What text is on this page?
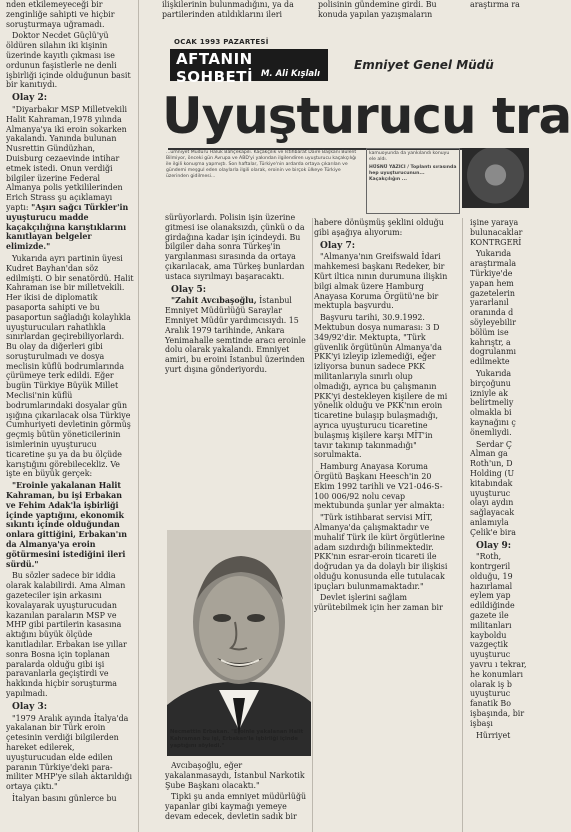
ilişkilerinin bulunmadığını, ya da partilerinden atıldıklarını ileri
polisinin gündemine girdi. Bu konuda yapılan yazışmaların
araştırma ra
OCAK 1993 PAZARTESİ
AFTANIN SOHBETİ M. Ali Kışlalı
Emniyet Genel Müdü
Uyuşturucu tra
...ümniyet Müdürü Haluk Bahçekapılı. Kaçakçılık ve İstihbarat Daire Başkanı Bülent Bilmiyor, önceki gün Avrupa ve ABD'yi yakından ilgilendiren uyuşturucu kaçakçılığı ile ilgili konuşma yapmıştı. Son haftalar, Türkiye'nin ardarda ortaya çıkarılan ve gündemi meşgul eden olaylarla ilgili olarak, eroinin ve birçok ülkeye Türkiye üzerinden gidilmesi...
kamuoyunda da yankılandı konuyu ele aldı.
HÜSNÜ YAZICI / Toplantı sırasında hep uyuşturucunun...
Kaçakçılığın ...

nden etkilemeyeceği bir zenginliğe sahipti ve hiçbir soruşturmaya uğramadı.

Doktor Necdet Güçlü'yü öldüren silahın iki kişinin üzerinde kayıtlı çıkması ise ordunun faşistlerle ne denli işbirliği içinde olduğunun basit bir kanıtıydı.

Olay 2:

"Diyarbakır MSP Milletvekili Halit Kahraman,1978 yılında Almanya'ya iki eroin sokarken yakalandı. Yanında bulunan Nusrettin Gündüzhan, Duisburg cezaevinde intihar etmek istedi. Onun verdiği bilgiler üzerine Federal Almanya polis yetkililerinden Erich Strass şu açıklamayı yaptı: "Aşırı sağcı Türkler'in uyuşturucu madde kaçakçılığına karıştıklarını kanıtlayan belgeler elimizde."

Yukarıda ayrı partinin üyesi Kudret Bayhan'dan söz edilmişti. O bir senatördü. Halit Kahraman ise bir milletvekili. Her ikisi de diplomatik pasaporta sahipti ve bu pasaportun sağladığı kolaylıkla uyuşturucuları rahatlıkla sınırlardan geçirebiliyorlardı. Bu olay da diğerleri gibi soruşturulmadı ve dosya meclisin küflü bodrumlarında çürümeye terk edildi. Eğer bugün Türkiye Büyük Millet Meclisi'nin küflü bodrumlarındaki dosyalar gün ışığına çıkarılacak olsa Türkiye Cumhuriyeti devletinin görmüş geçmiş bütün yöneticilerinin isimlerinin uyuşturucu ticaretine şu ya da bu ölçüde karıştığını görebilecekliz. Ve işte en büyük gerçek:

"Eroinle yakalanan Halit Kahraman, bu işi Erbakan ve Fehim Adak'la işbirliği içinde yaptığını, ekonomik sıkıntı içinde olduğundan onlara gittiğini, Erbakan'ın da Almanya'ya eroin götürmesini istediğini ileri sürdü."

Bu sözler sadece bir iddia olarak kalabilirdi. Ama Alman gazeteciler işin arkasını kovalayarak uyuşturucudan kazanılan paraların MSP ve MHP gibi partilerin kasasına aktığını büyük ölçüde kanıtladılar. Erbakan ise yıllar sonra Bosna için toplanan paralarda olduğu gibi işi paravanlarla geçiştirdi ve hakkında hiçbir soruşturma yapılmadı.

Olay 3:

"1979 Aralık ayında İtalya'da yakalanan bir Türk eroin çetesinin verdiği bilgilerden hareket edilerek, uyuşturucudan elde edilen paranın Türkiye'deki para-militer MHP'ye silah aktarıldığı ortaya çıktı."

İtalyan basını günlerce bu

sürüyorlardı. Polisin işin üzerine gitmesi ise olanaksızdı, çünkü o da girdağına kadar işin içindeydi. Bu bilgiler daha sonra Türkeş'in yargılanması sırasında da ortaya çıkarılacak, ama Türkeş bunlardan ustaca sıyrılmayı başaracaktı.

Olay 5:

"Zahit Avcıbaşoğlu, İstanbul Emniyet Müdürlüğü Saraylar Emniyet Müdür yardımcısıydı. 15 Aralık 1979 tarihinde, Ankara Yenimahalle semtinde aracı eroinle dolu olarak yakalandı. Emniyet amiri, bu eroini İstanbul üzerinden yurt dışına gönderiyordu.

Necmettin Erbakan. "Eroinle yakalanan Halit Kahraman bu işi, Erbakan'la işbirliği içinde yaptığını söyledi."

Avcıbaşoğlu, eğer yakalanmasaydı, İstanbul Narkotik Şube Başkanı olacaktı."

Tipki şu anda emniyet müdürlüğü yapanlar gibi kaymağı yemeye devam edecek, devletin sadık bir

habere dönüşmüş şeklini olduğu gibi aşağıya alıyorum:

Olay 7:

"Almanya'nın Greifswald İdari mahkemesi başkanı Redeker, bir Kürt iltica nının durumuna ilişkin bilgi almak üzere Hamburg Anayasa Koruma Örgütü'ne bir mektupla başvurdu.

Başvuru tarihi, 30.9.1992. Mektubun dosya numarası: 3 D 349/92'dir. Mektupta, "Türk güvenlik örgütünün Almanya'da PKK'yi izleyip izlemediği, eğer izliyorsa bunun sadece PKK militanlarıyla sınırlı olup olmadığı, ayrıca bu çalışmanın PKK'yi destekleyen kişilere de mi yönelik olduğu ve PKK'nın eroin ticaretine bulaşıp bulaşmadığı, ayrıca uyuşturucu ticaretine bulaşmış kişilere karşı MİT'in tavır takınıp takınmadığı" sorulmakta.

Hamburg Anayasa Koruma Örgütü Başkanı Heesch'in 20 Ekim 1992 tarihli ve V21-046-S-100 006/92 nolu cevap mektubunda şunlar yer almakta:

"Türk istihbarat servisi MİT, Almanya'da çalışmaktadır ve muhalif Türk ile kürt örgütlerine adam sızdırdığı bilinmektedir. PKK'nın esrar-eroin ticareti ile doğrudan ya da dolaylı bir ilişkisi olduğu konusunda elle tutulacak ipuçları bulunmamaktadır."

Devlet işlerini sağlam yürütebilmek için her zaman bir

işine yaraya bulunacaklar KONTRGERİ

Yukarıda araştırmala Türkiye'de yapan hem gazetelerin yararlanıl oranında d söyleyebilir bölüm ise kahrıştr, a dogrulanmı edilmekte

Yukarıda birçoğunu izniyle ak belirtmeliy olmakla bi kaynağını ç önemliydi.

Serdar Ç Alman ga Roth'un, D Holding (U kitabındak uyuşturuc olayı aydın sağlayacak anlamıyla Çelik'e bira

Olay 9:

"Roth, kontrgeril olduğu, 19 hazırlamal eylem yap edildiğinde gazete ile militanları kayboldu vazgeçtik uyuşturuc yavru ı tekrar, he konumları olarak iş b uyuşturuc fanatik Bo işbaşında, bir işbaşı

Hürriyet
